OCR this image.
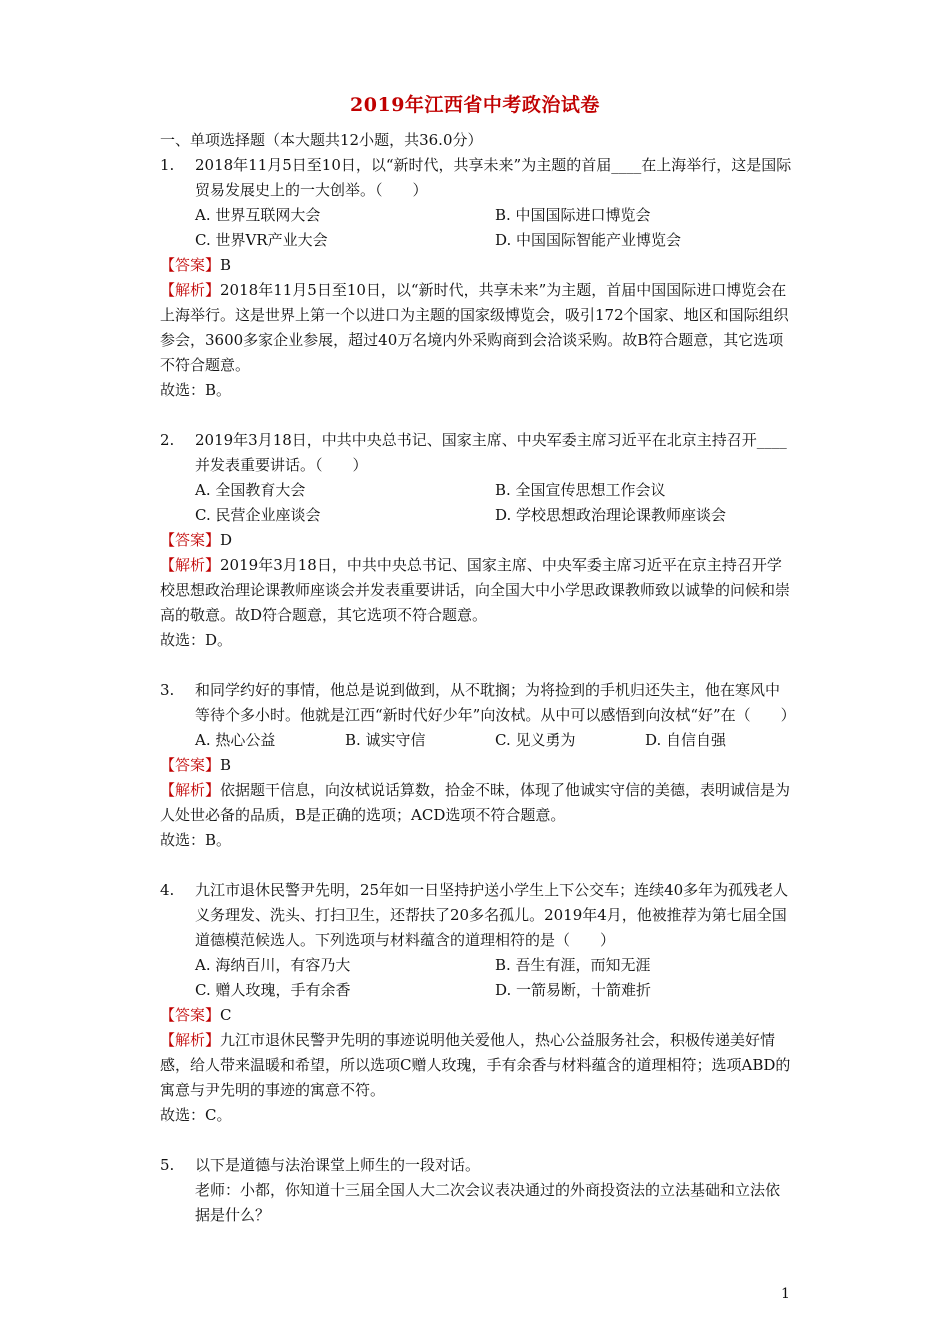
2019年江西省中考政治试卷

一、单项选择题（本大题共12小题，共36.0分）

1. 2018年11月5日至10日，以“新时代，共享未来”为主题的首届____在上海举行，这是国际贸易发展史上的一大创举。（　　）

A. 世界互联网大会	B. 中国国际进口博览会
C. 世界VR产业大会	D. 中国国际智能产业博览会

【答案】B

【解析】2018年11月5日至10日，以“新时代，共享未来”为主题，首届中国国际进口博览会在上海举行。这是世界上第一个以进口为主题的国家级博览会，吸引172个国家、地区和国际组织参会，3600多家企业参展，超过40万名境内外采购商到会洽谈采购。故B符合题意，其它选项不符合题意。

故选：B。

2. 2019年3月18日，中共中央总书记、国家主席、中央军委主席习近平在北京主持召开____并发表重要讲话。（　　）

A. 全国教育大会	B. 全国宣传思想工作会议
C. 民营企业座谈会	D. 学校思想政治理论课教师座谈会

【答案】D

【解析】2019年3月18日，中共中央总书记、国家主席、中央军委主席习近平在京主持召开学校思想政治理论课教师座谈会并发表重要讲话，向全国大中小学思政课教师致以诚挚的问候和崇高的敬意。故D符合题意，其它选项不符合题意。

故选：D。

3. 和同学约好的事情，他总是说到做到，从不耽搁；为将捡到的手机归还失主，他在寒风中等待个多小时。他就是江西“新时代好少年”向汝栻。从中可以感悟到向汝栻“好”在（　　）

A. 热心公益	B. 诚实守信	C. 见义勇为	D. 自信自强

【答案】B

【解析】依据题干信息，向汝栻说话算数，拾金不昧，体现了他诚实守信的美德，表明诚信是为人处世必备的品质，B是正确的选项；ACD选项不符合题意。

故选：B。

4. 九江市退休民警尹先明，25年如一日坚持护送小学生上下公交车；连续40多年为孤残老人义务理发、洗头、打扫卫生，还帮扶了20多名孤儿。2019年4月，他被推荐为第七届全国道德模范候选人。下列选项与材料蕴含的道理相符的是（　　）

A. 海纳百川，有容乃大	B. 吾生有涯，而知无涯
C. 赠人玫瑰，手有余香	D. 一箭易断，十箭难折

【答案】C

【解析】九江市退休民警尹先明的事迹说明他关爱他人，热心公益服务社会，积极传递美好情感，给人带来温暖和希望，所以选项C赠人玫瑰，手有余香与材料蕴含的道理相符；选项ABD的寓意与尹先明的事迹的寓意不符。

故选：C。

5. 以下是道德与法治课堂上师生的一段对话。

老师：小都，你知道十三届全国人大二次会议表决通过的外商投资法的立法基础和立法依据是什么？

1
